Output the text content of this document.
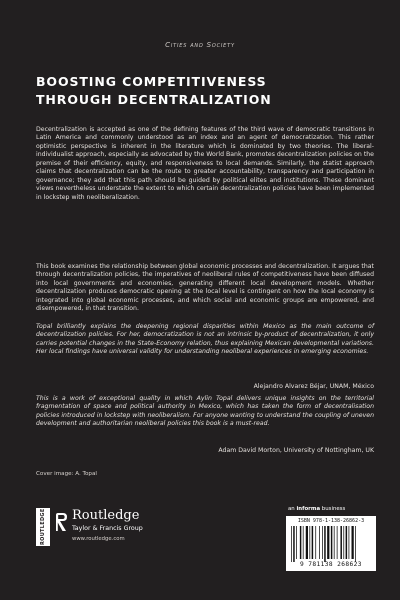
Cities and Society
BOOSTING COMPETITIVENESS
THROUGH DECENTRALIZATION
Decentralization is accepted as one of the defining features of the third wave of democratic transitions in Latin America and commonly understood as an index and an agent of democratization. This rather optimistic perspective is inherent in the literature which is dominated by two theories. The liberal-individualist approach, especially as advocated by the World Bank, promotes decentralization policies on the premise of their efficiency, equity, and responsiveness to local demands. Similarly, the statist approach claims that decentralization can be the route to greater accountability, transparency and participation in governance; they add that this path should be guided by political elites and institutions. These dominant views nevertheless understate the extent to which certain decentralization policies have been implemented in lockstep with neoliberalization.
This book examines the relationship between global economic processes and decentralization. It argues that through decentralization policies, the imperatives of neoliberal rules of competitiveness have been diffused into local governments and economies, generating different local development models. Whether decentralization produces democratic opening at the local level is contingent on how the local economy is integrated into global economic processes, and which social and economic groups are empowered, and disempowered, in that transition.
Topal brilliantly explains the deepening regional disparities within Mexico as the main outcome of decentralization policies. For her, democratization is not an intrinsic by-product of decentralization, it only carries potential changes in the State-Economy relation, thus explaining Mexican developmental variations. Her local findings have universal validity for understanding neoliberal experiences in emerging economies.
Alejandro Alvarez Béjar, UNAM, México
This is a work of exceptional quality in which Aylin Topal delivers unique insights on the territorial fragmentation of space and political authority in Mexico, which has taken the form of decentralisation policies introduced in lockstep with neoliberalism. For anyone wanting to understand the coupling of uneven development and authoritarian neoliberal policies this book is a must-read.
Adam David Morton, University of Nottingham, UK
Cover image: A. Topal
ROUTLEDGE	Routledge
Taylor & Francis Group
www.routledge.com
an informa business
ISBN 978-1-138-26862-3
9 781138 268623
